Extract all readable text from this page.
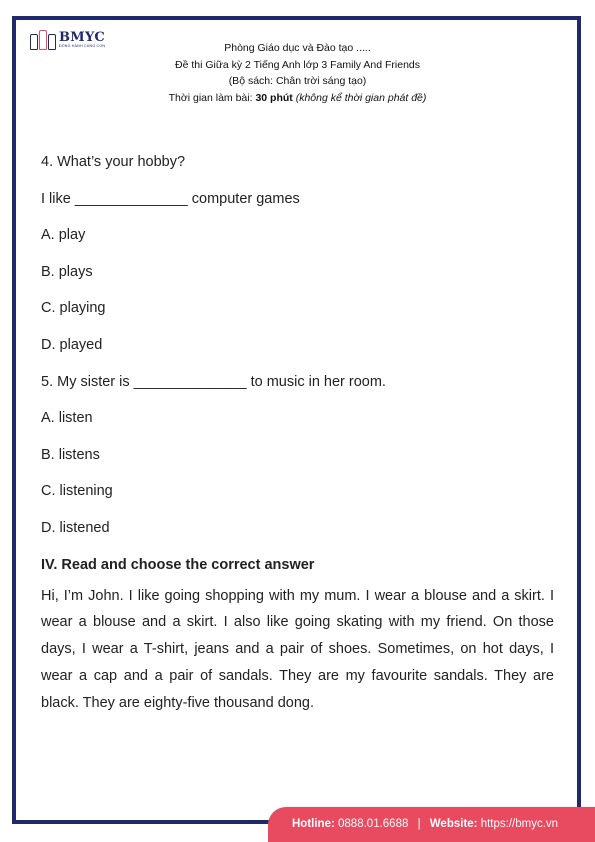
BMYC
ĐỒNG HÀNH CÙNG CON	Phòng Giáo dục và Đào tạo .....
Đề thi Giữa kỳ 2 Tiếng Anh lớp 3 Family And Friends
(Bộ sách: Chân trời sáng tạo)
Thời gian làm bài: 30 phút (không kể thời gian phát đề)
4. What’s your hobby?
I like ______________ computer games
A. play
B. plays
C. playing
D. played
5. My sister is ______________ to music in her room.
A. listen
B. listens
C. listening
D. listened
IV. Read and choose the correct answer
Hi, I’m John. I like going shopping with my mum. I wear a blouse and a skirt. I wear a blouse and a skirt. I also like going skating with my friend. On those days, I wear a T-shirt, jeans and a pair of shoes. Sometimes, on hot days, I wear a cap and a pair of sandals. They are my favourite sandals. They are black. They are eighty-five thousand dong.
Hotline: 0888.01.6688 | Website: https://bmyc.vn
